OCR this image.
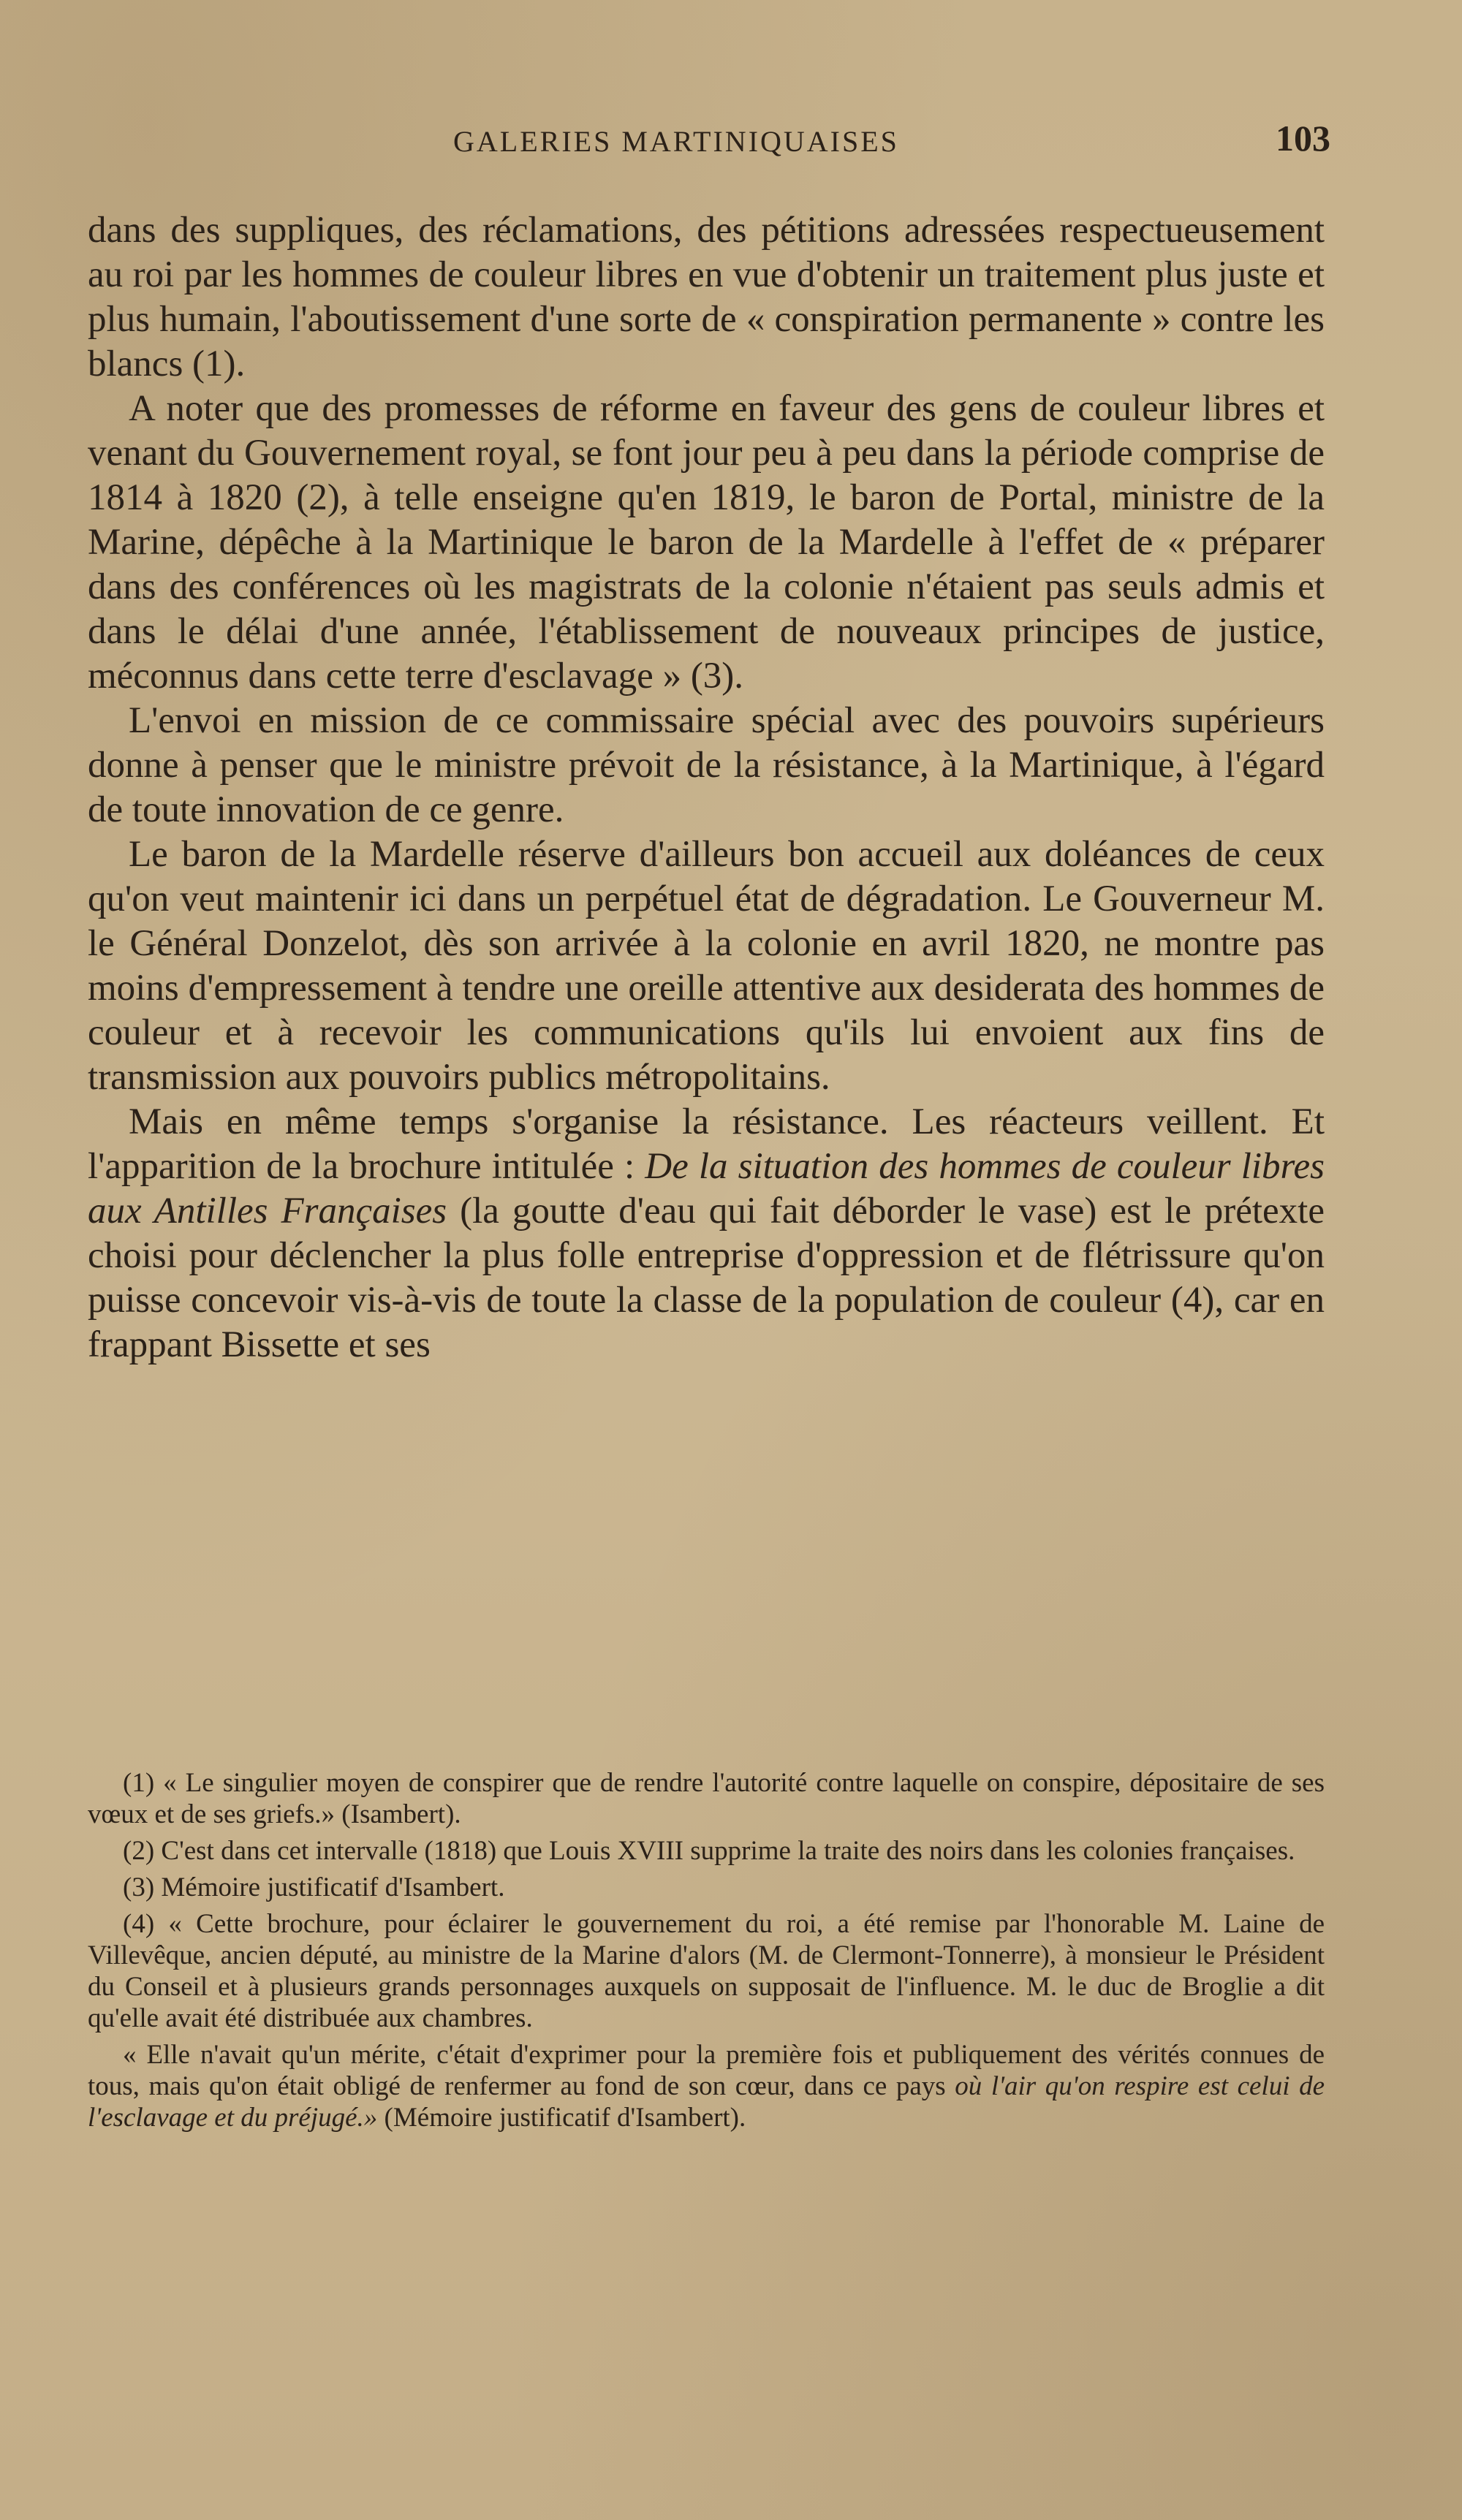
GALERIES MARTINIQUAISES	103

dans des suppliques, des réclamations, des pétitions adressées respectueusement au roi par les hommes de couleur libres en vue d'obtenir un traitement plus juste et plus humain, l'aboutissement d'une sorte de « conspiration permanente » contre les blancs (1).

A noter que des promesses de réforme en faveur des gens de couleur libres et venant du Gouvernement royal, se font jour peu à peu dans la période comprise de 1814 à 1820 (2), à telle enseigne qu'en 1819, le baron de Portal, ministre de la Marine, dépêche à la Martinique le baron de la Mardelle à l'effet de « préparer dans des conférences où les magistrats de la colonie n'étaient pas seuls admis et dans le délai d'une année, l'établissement de nouveaux principes de justice, méconnus dans cette terre d'esclavage » (3).

L'envoi en mission de ce commissaire spécial avec des pouvoirs supérieurs donne à penser que le ministre prévoit de la résistance, à la Martinique, à l'égard de toute innovation de ce genre.

Le baron de la Mardelle réserve d'ailleurs bon accueil aux doléances de ceux qu'on veut maintenir ici dans un perpétuel état de dégradation. Le Gouverneur M. le Général Donzelot, dès son arrivée à la colonie en avril 1820, ne montre pas moins d'empressement à tendre une oreille attentive aux desiderata des hommes de couleur et à recevoir les communications qu'ils lui envoient aux fins de transmission aux pouvoirs publics métropolitains.

Mais en même temps s'organise la résistance. Les réacteurs veillent. Et l'apparition de la brochure intitulée : De la situation des hommes de couleur libres aux Antilles Françaises (la goutte d'eau qui fait déborder le vase) est le prétexte choisi pour déclencher la plus folle entreprise d'oppression et de flétrissure qu'on puisse concevoir vis-à-vis de toute la classe de la population de couleur (4), car en frappant Bissette et ses

(1) « Le singulier moyen de conspirer que de rendre l'autorité contre laquelle on conspire, dépositaire de ses vœux et de ses griefs.» (Isambert).

(2) C'est dans cet intervalle (1818) que Louis XVIII supprime la traite des noirs dans les colonies françaises.

(3) Mémoire justificatif d'Isambert.

(4) « Cette brochure, pour éclairer le gouvernement du roi, a été remise par l'honorable M. Laine de Villevêque, ancien député, au ministre de la Marine d'alors (M. de Clermont-Tonnerre), à monsieur le Président du Conseil et à plusieurs grands personnages auxquels on supposait de l'influence. M. le duc de Broglie a dit qu'elle avait été distribuée aux chambres.

« Elle n'avait qu'un mérite, c'était d'exprimer pour la première fois et publiquement des vérités connues de tous, mais qu'on était obligé de renfermer au fond de son cœur, dans ce pays où l'air qu'on respire est celui de l'esclavage et du préjugé.» (Mémoire justificatif d'Isambert).
